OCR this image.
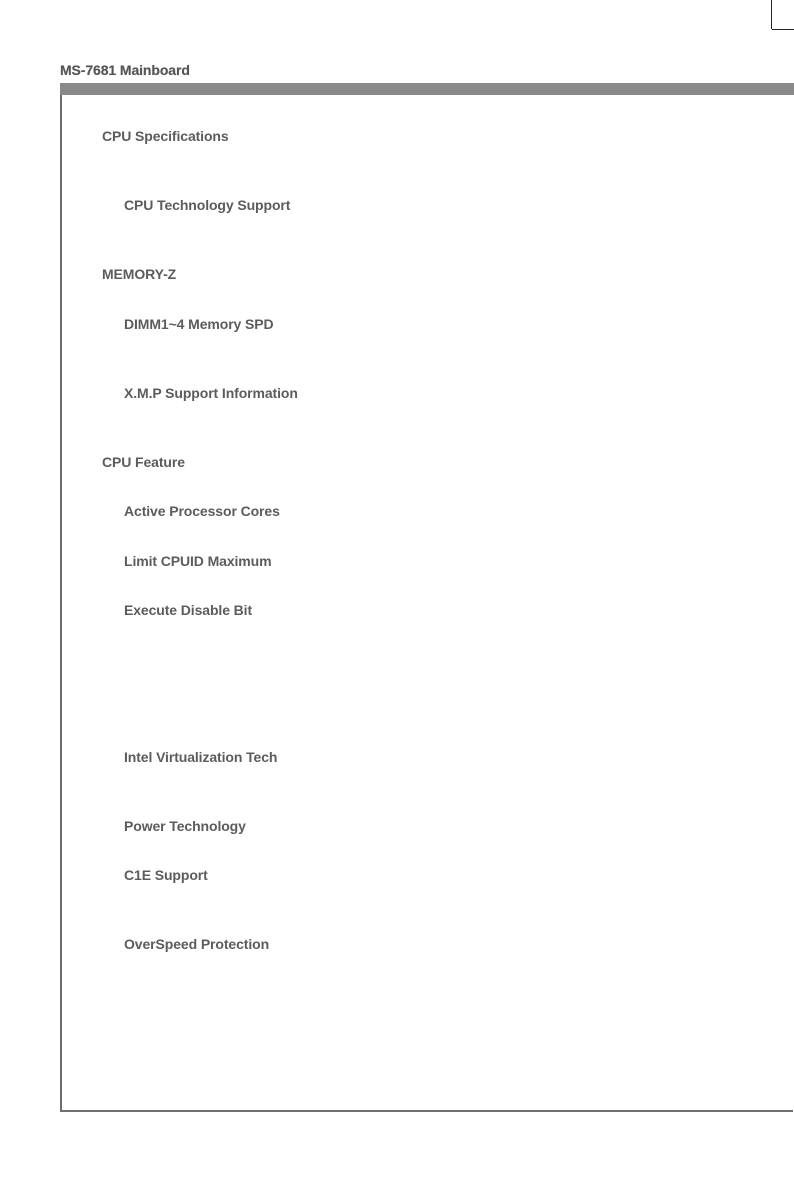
MS-7681 Mainboard
CPU Specifications
CPU Technology Support
MEMORY-Z
DIMM1~4 Memory SPD
X.M.P Support Information
CPU Feature
Active Processor Cores
Limit CPUID Maximum
Execute Disable Bit
Intel Virtualization Tech
Power Technology
C1E Support
OverSpeed Protection
